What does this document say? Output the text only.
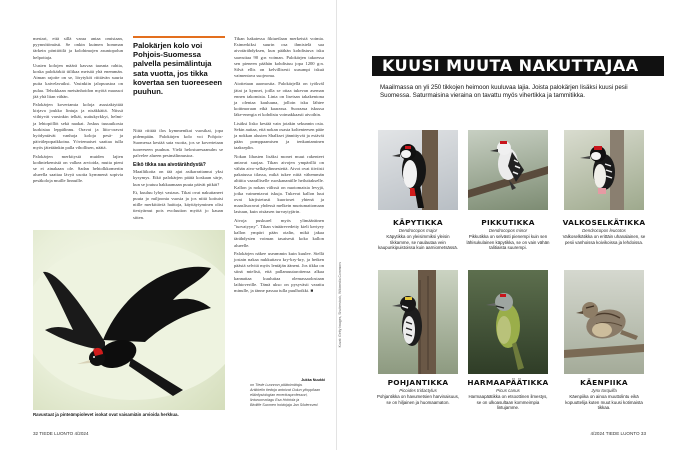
mestari, että sillä varaa antaa omistaan, pyynnötömästi. Se onkin kuimen homman tärkein pönttötilä ja kolohimojen asuntopolun helpottaja.

Uusien kolojen määrä kasvaa taasnta rahtia, koska palokärkiä tiilikaa metsää yhä enemmän. Aiman rajoite on se, lörytyköi riittävän suuria puita kaivelavaiksi. Vasinkiin jalopuustoa on pulaa. Tehokkaan metsänhoidon myötä maassoi jää yhä liian vähän.

Palokärjen kovertamia koloja asustaktyttää kirjava joukko lintuja ja nisäkkäitä. Niissä viihtyvät varsinkin telkät, uuttukyrkkyt, helmi- ja lehtopöllöt sekä naakat. Joskus tuuuuikosta kurkistaa leppälinnu. Oravat ja liito-oravat hyödyntävät vanhoja koloja pesä- ja päivälepopaikkoina. Yöviemaiset saattaa tulla myös jätetäänkin palla vihollisen, näätä.

Palokärjen merkitystä muiden lajien kodintekemistä on valkea arvioida, mutta pieni se ei ainakaan ole. Sadan hehtolkkomertin alueella saattaa lävyä usotta kymmenä sopivia pesäkoloja muille linnuille.

Palokärjen kolo voi Pohjois-Suomessa palvella pesimälintuja sata vuotta, jos tikka kovertaa sen tuoreeseen puuhun.

Niitä riittää ilos kymmenikai vuosikai, jopa pidempään. Palokärjen kolo voi Pohjois-Suomessa kestää sata vuotta, jos se kovertetaan tuoreeseen puuhun. Vielä helosturesaanulm se palvelee alueen pesimälinnustoa.

Eikö tikka saa aivotärähdystä?

Maailiikoita on tää ajat asikarrattamut yksi kysymys. Eikö palokärjen päätä koskaan särje, kun se joutuu hakkaamaan puuta päivät pitkät?

Et, kuuluu lyhyt vastaus. Tikat ovat nakuttaneet puuta jo miljoonia vuosia ja jos niitä koituisi niille merkittäviä haittoja, käyttäytyminen olisi tiestyärnut pois evoluution myötä jo kauan sitten.

Tikan hakatessa fiktuetlaan merkeistä voimia. Esimerkiksi suurin osa ihmistelä saa aivotärähdyksen, kun päähän kohdistuva isku saavuttaa 90 g:n voiman. Palokärjen takoessa sen pieneen päähän kohdistuu jopa 1200 g:n. Silvä ellis on kelvillisesti uusumpi iskuä vaimentava suojeoma.

Aiottetaan aaomostta. Palokärjellä on työkväl jätat ja kynnet, joilla se ottaa tukevan aseman ennen takomista. Linta on lisetsan takakentona ja olentaa kauluuna, jolloin isku lähtee koittmoraan eikä kaarassa. Suoraasa iskussa läke-energia ei kohdistu voimakkaasti aivoihin.

Lisäksi lisko kestää vain jotakin sekunnin osia. Sekin auttaa, että nokan osasta koltenteesen pääe ja nokkan alusten Shalkset jännittyvät ja estävät pään pomppaamisen ja tenkantaminen taakseplin.

Nokan lihasten lisäksi monet muut rakenteet antavat suojaa. Tikan aivojen ympärillä on vähän aivo-selkäydinnestettä. Aivot ovat tiiviisti pakatussa tilassa, mikä tukee niitä vähemmän alttiita vaaralliselle ruoskananiille heiluttakselle. Kallon ja nokan välissä on nuotomaisia levyjä, jotka vaimentavat iskuja. Tukevat kallon luut ovat kärjistetusti kuorioset yhtenä ja maaslisoravat yhdessä melkein murtumattomaan lastuun, kuin otsäasen turvaytyjärin.

Aivoja puskurel myös ylimääräinen "turvatyyny". Tikan vinäärevedetty kieli kertyey kallon ympäri pään otalin, mikä jakaa tärähdysten voiman tasaisesti koko kallon alueelle.

Palokärjen näkee useammin kuin kuulee. Siellä jostain nakaa nukkuttava kry-kry-kry, ja hetken päästä selvitä myös lentäjän ääneni. Jos tikka on siinä mielisä, että pallamuutaroitensa alkaa kannattaa kuuluttaa olemassaolostaan laihioverille. Tämä ukso on pysyvästi varattu minulle, ja tänne passaa tulla puulhoikki. ■

Ravustaat ja pinteämpiolevet isokat ovat vaisamiäin arvioida herkkua.
Jukka Nuukki
on Tiede Luonnon päätoimittaja.
Artikkelin tiedoja antoivat Oulun ylioppilaan eläinfysiologian emeritusprofessori,
linturuorvolagu Esa Hohtola ja
Birdlife Suomen hoidojaja Jan Södersved.
32 TIEDE LUONTO 4/2024
KUUSI MUUTA NAKUTTAJAA
Maailmassa on yli 250 tikkojen heimoon kuuluvaa lajia. Joista palokärjen lisäksi kuusi pesii Suomessa. Saturmaisina vieraina on tavattu myös vihertikka ja tammitikka.
Kuvat: Getty Images, Shutterstock, Wikimedia Commons
KÄPYTIKKA
Dendrocopos major
Käpytikka on yleisimmiksi yleisin tikkamme, se naulautaa vein kaupunkipuistoissa kuin aarniometsässä.
PIKKUTIKKA
Dendrocopos minor
Pikkutikka on selvästi pienempi kuin sen lähisukulainen käpytikka, se on vain vähän talitiaista suurempi.
VALKOSELKÄTIKKA
Dendrocopos leucotos
Valkoselkätikka on erittäin uhanalainen, se pesii vanhoissa koivikoissa ja lehdoissa.
POHJANTIKKA
Picoides tridactylus
Pohjantikka on havumetsien harvinaisuus, se on hiljainen ja huomaamaton.
HARMAAPÄÄTIKKA
Picus canus
Harmaapäätikka on etsoottinen ilmestys, se on ulkoasultaan kommeimpia lintujamme.
KÄENPIIKA
Jynx torquilla
Käenpiika on ainoa muuttolintu eikä kopuuttelija kuten muut kuusi kotimaista tikkaa.
4/2024 TIEDE LUONTO 33
